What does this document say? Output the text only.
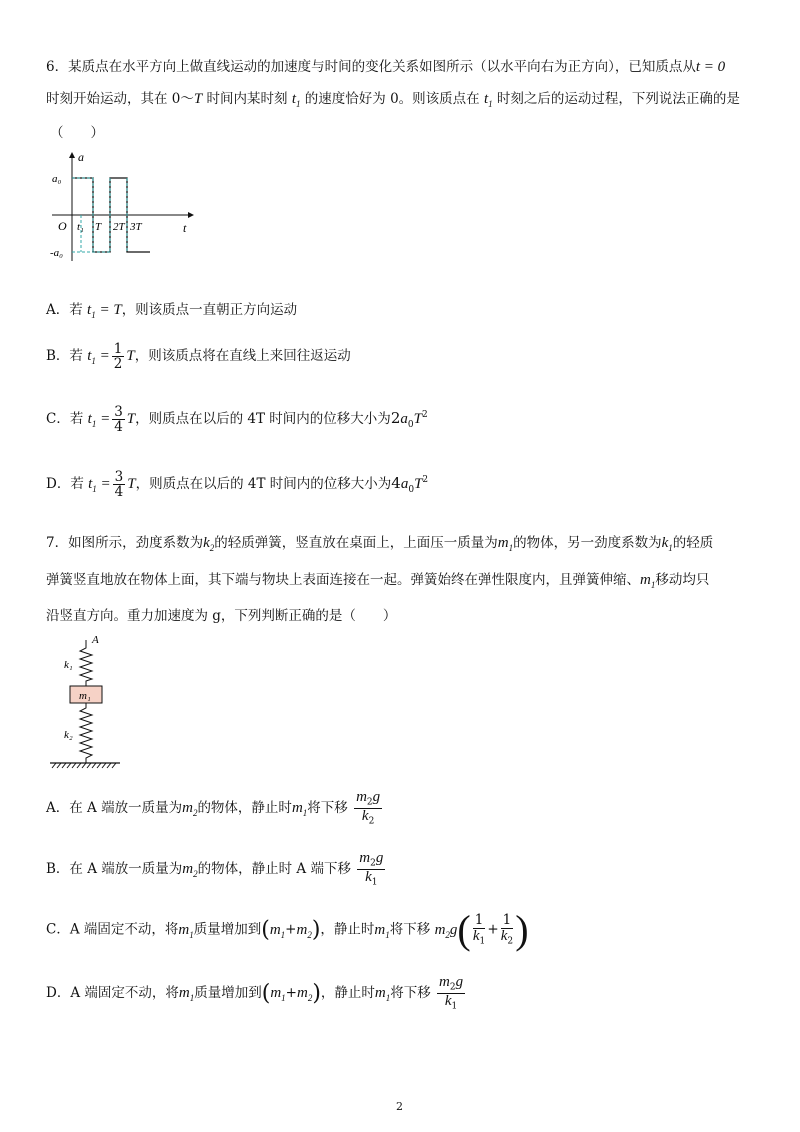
6．某质点在水平方向上做直线运动的加速度与时间的变化关系如图所示（以水平向右为正方向），已知质点从t = 0
时刻开始运动，其在 0～T 时间内某时刻 $t_1$ 的速度恰好为 0。则该质点在 $t_1$ 时刻之后的运动过程，下列说法正确的是
（　　）
a
t
O
a₀
-a₀
t₁ T 2T 3T
A．若 $t_1 = T$，则该质点一直朝正方向运动
B．若 $t_1 = \frac{1}{2}$ T，则该质点将在直线上来回往返运动
C．若 $t_1 = \frac{3}{4}$ T，则质点在以后的 4T 时间内的位移大小为$2a_0T^2$
D．若 $t_1 = \frac{3}{4}$ T，则质点在以后的 4T 时间内的位移大小为$4a_0T^2$
7．如图所示，劲度系数为$k_2$的轻质弹簧，竖直放在桌面上，上面压一质量为$m_1$的物体，另一劲度系数为$k_1$的轻质
弹簧竖直地放在物体上面，其下端与物块上表面连接在一起。弹簧始终在弹性限度内，且弹簧伸缩、$m_1$移动均只
沿竖直方向。重力加速度为 g，下列判断正确的是（　　）
A
k₁
m₁
k₂
A．在 A 端放一质量为$m_2$的物体，静止时$m_1$将下移 $\frac{m_2g}{k_2}$
B．在 A 端放一质量为$m_2$的物体，静止时 A 端下移 $\frac{m_2g}{k_1}$
C．A 端固定不动，将$m_1$质量增加到$(m_1+m_2)$，静止时$m_1$将下移 $m_2g( \frac{1}{k_1} + \frac{1}{k_2}$ )
D．A 端固定不动，将$m_1$质量增加到$(m_1+m_2)$，静止时$m_1$将下移 $\frac{m_2g}{k_1}$
2
